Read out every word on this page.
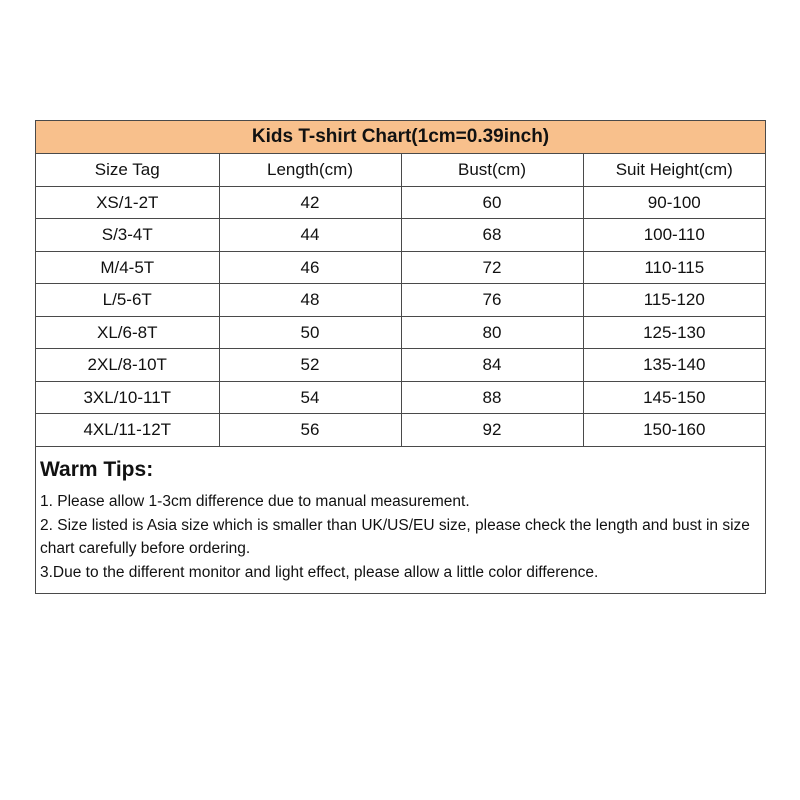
Kids T-shirt Chart(1cm=0.39inch)			
Size Tag	Length(cm)	Bust(cm)	Suit Height(cm)
XS/1-2T	42	60	90-100
S/3-4T	44	68	100-110
M/4-5T	46	72	110-115
L/5-6T	48	76	115-120
XL/6-8T	50	80	125-130
2XL/8-10T	52	84	135-140
3XL/10-11T	54	88	145-150
4XL/11-12T	56	92	150-160

Warm Tips:

1. Please allow 1-3cm difference due to manual measurement.

2. Size listed is Asia size which is smaller than UK/US/EU size, please check the length and bust in size chart carefully before ordering.

3.Due to the different monitor and light effect, please allow a little color difference.
